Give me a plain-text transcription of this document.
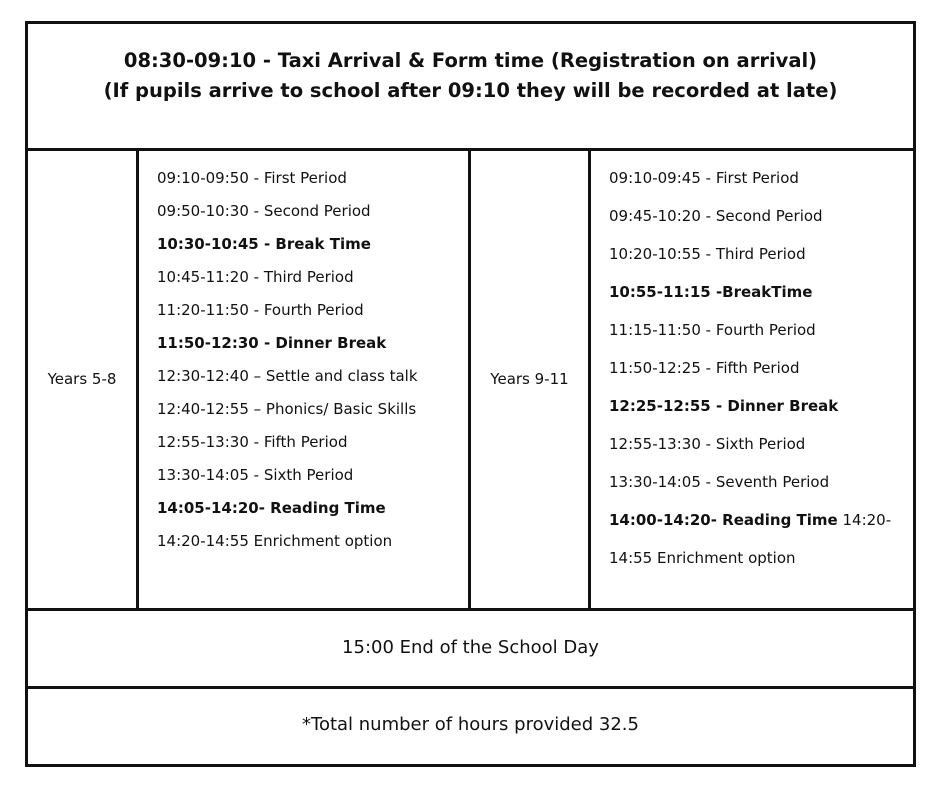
08:30-09:10 - Taxi Arrival & Form time (Registration on arrival)
(If pupils arrive to school after 09:10 they will be recorded at late)
Years 5-8	Years 9-11
09:10-09:50 - First Period
09:50-10:30 - Second Period
10:30-10:45 - Break Time
10:45-11:20 - Third Period
11:20-11:50 - Fourth Period
11:50-12:30 - Dinner Break
12:30-12:40 – Settle and class talk
12:40-12:55 – Phonics/ Basic Skills
12:55-13:30 - Fifth Period
13:30-14:05 - Sixth Period
14:05-14:20- Reading Time
14:20-14:55 Enrichment option
09:10-09:45 - First Period
09:45-10:20 - Second Period
10:20-10:55 - Third Period
10:55-11:15 -BreakTime
11:15-11:50 - Fourth Period
11:50-12:25 - Fifth Period
12:25-12:55 - Dinner Break
12:55-13:30 - Sixth Period
13:30-14:05 - Seventh Period
14:00-14:20- Reading Time 14:20-
14:55 Enrichment option
15:00 End of the School Day
*Total number of hours provided 32.5
